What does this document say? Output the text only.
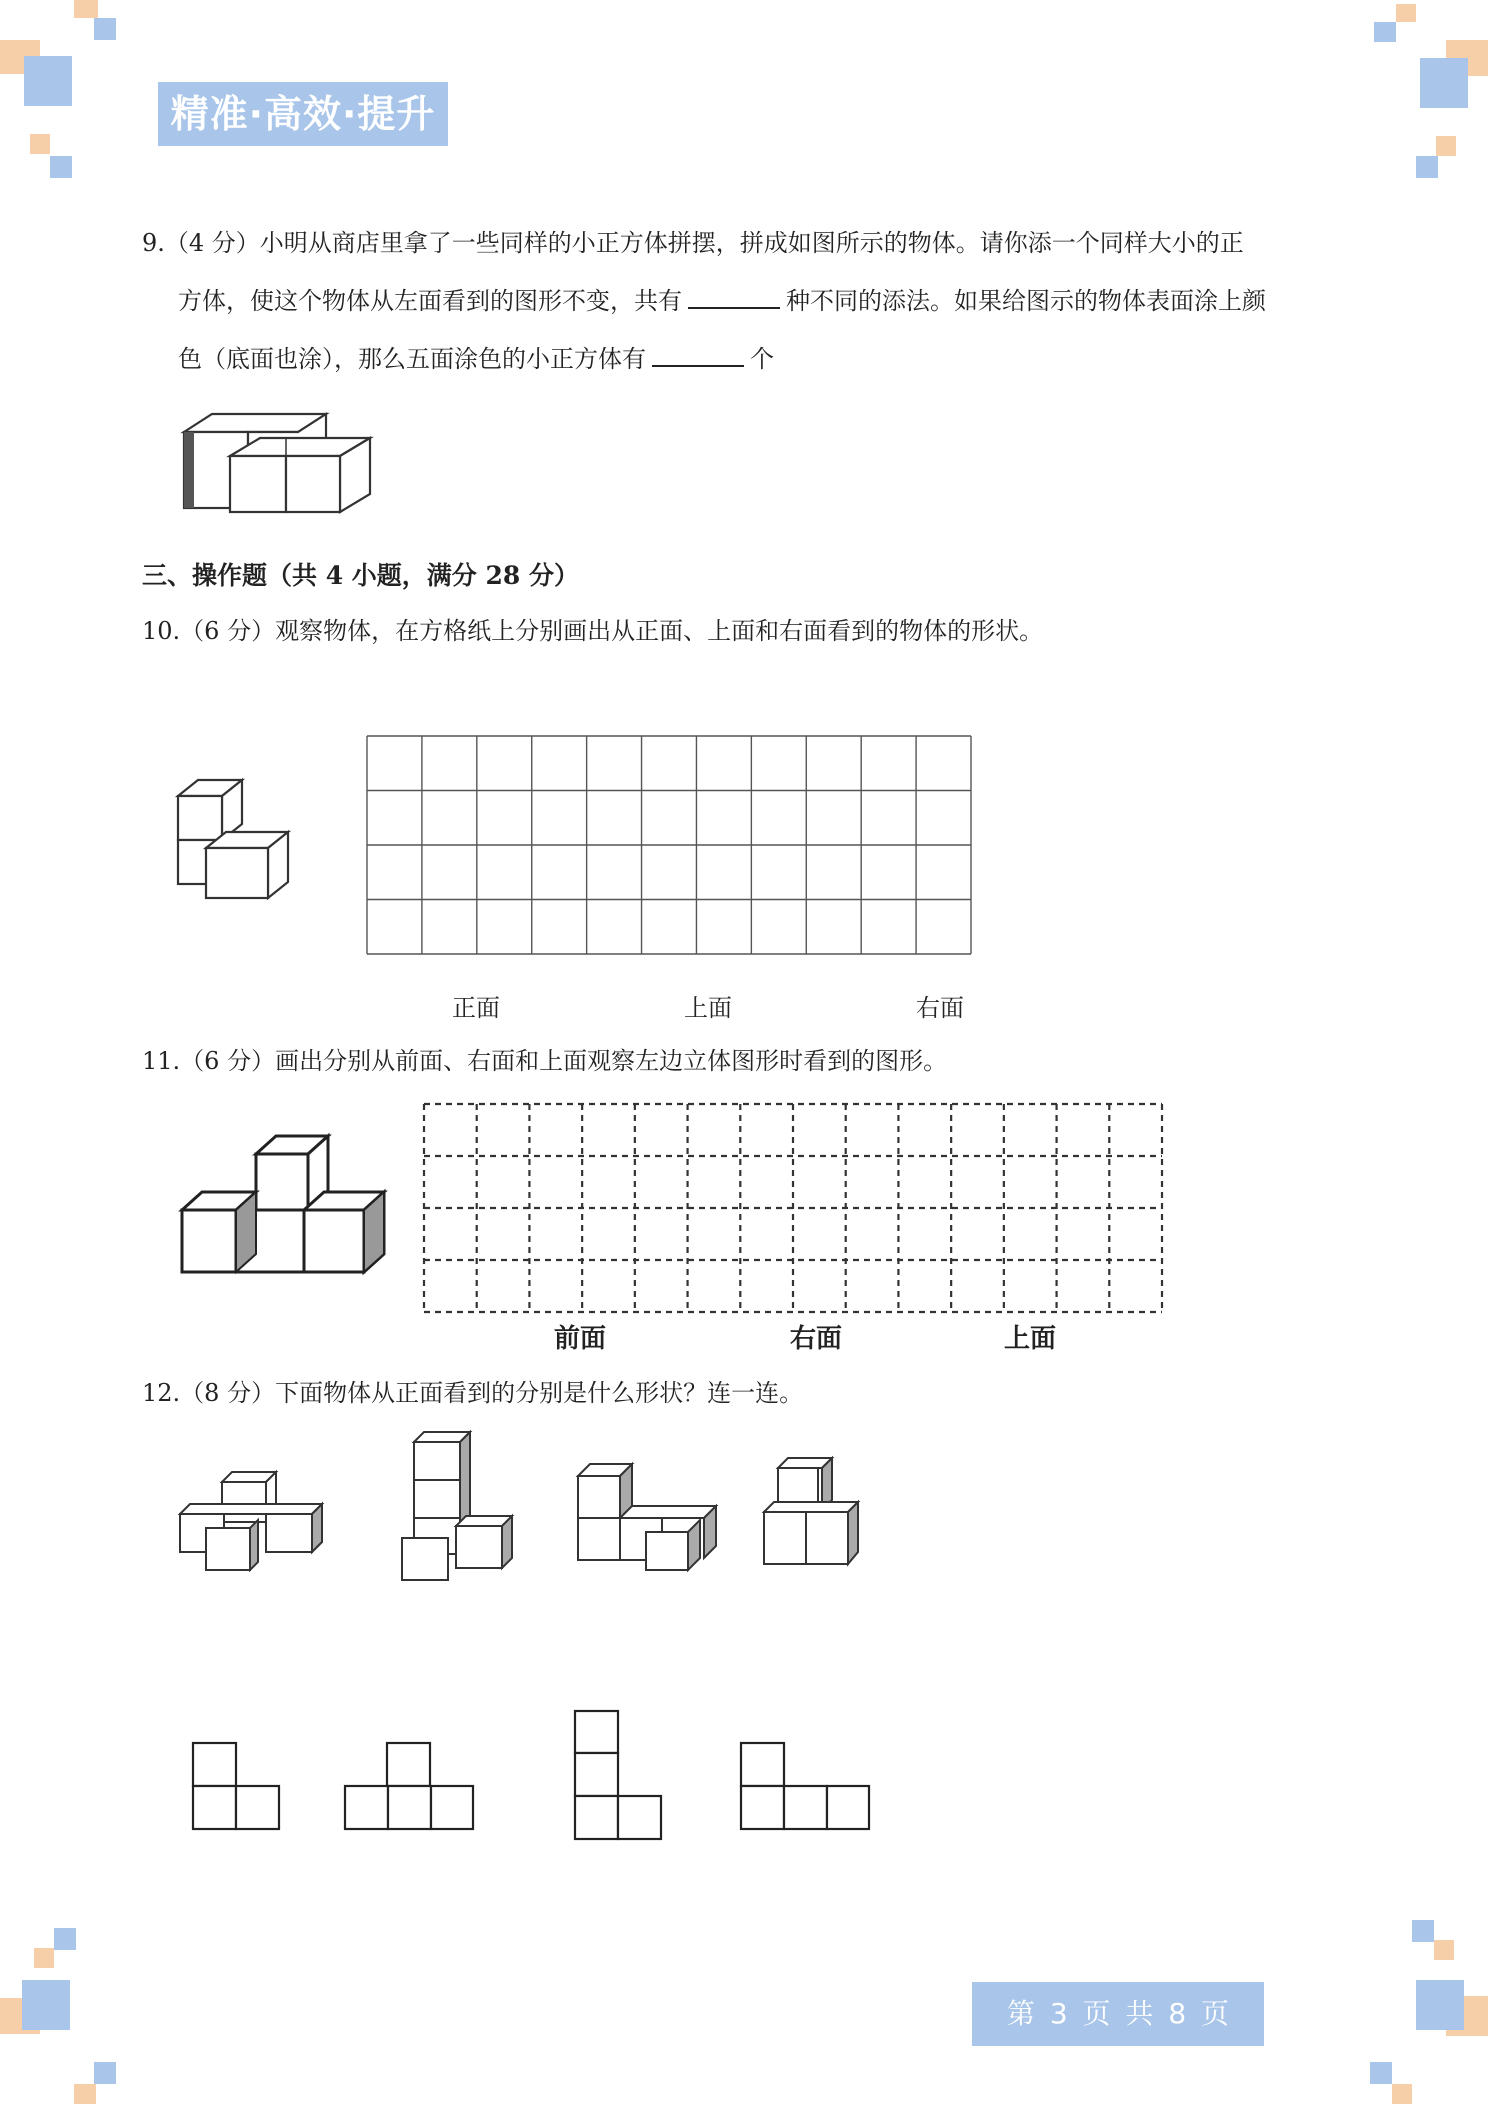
精准·高效·提升
9.（4 分）小明从商店里拿了一些同样的小正方体拼摆，拼成如图所示的物体。请你添一个同样大小的正
方体，使这个物体从左面看到的图形不变，共有	种不同的添法。如果给图示的物体表面涂上颜
色（底面也涂），那么五面涂色的小正方体有	个
三、操作题（共 4 小题，满分 28 分）
10.（6 分）观察物体，在方格纸上分别画出从正面、上面和右面看到的物体的形状。
正面	上面	右面
11.（6 分）画出分别从前面、右面和上面观察左边立体图形时看到的图形。
前面	右面	上面
12.（8 分）下面物体从正面看到的分别是什么形状？连一连。
第 3 页 共 8 页
